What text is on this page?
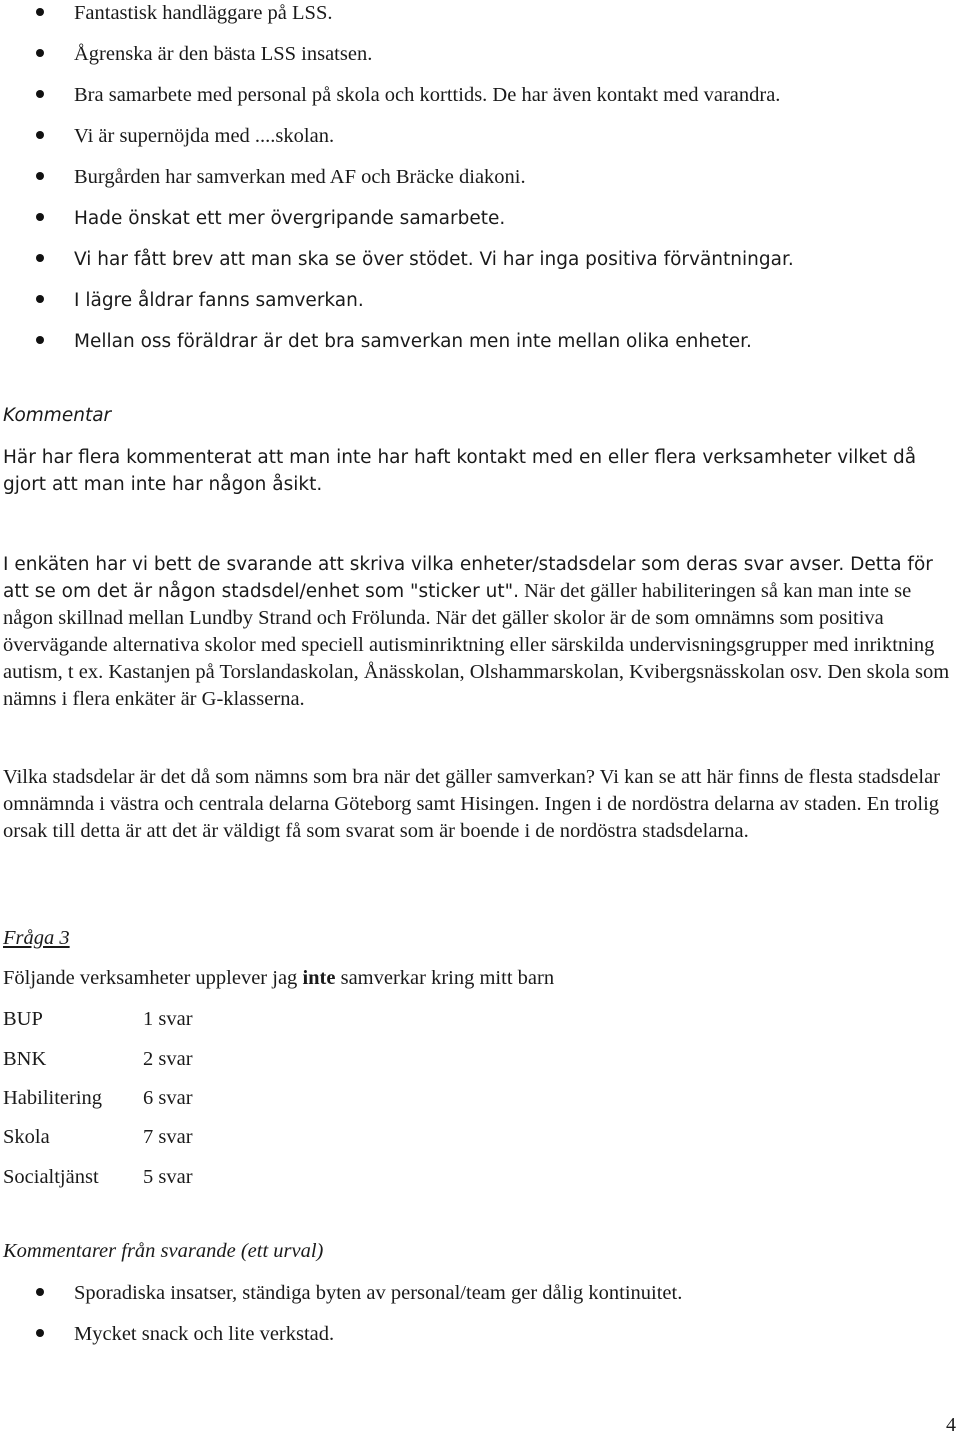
Fantastisk handläggare på LSS.
Ågrenska är den bästa LSS insatsen.
Bra samarbete med personal på skola och korttids. De har även kontakt med varandra.
Vi är supernöjda med ....skolan.
Burgården har samverkan med AF och Bräcke diakoni.
Hade önskat ett mer övergripande samarbete.
Vi har fått brev att man ska se över stödet. Vi har inga positiva förväntningar.
I lägre åldrar fanns samverkan.
Mellan oss föräldrar är det bra samverkan men inte mellan olika enheter.

Kommentar

Här har flera kommenterat att man inte har haft kontakt med en eller flera verksamheter vilket då gjort att man inte har någon åsikt.

I enkäten har vi bett de svarande att skriva vilka enheter/stadsdelar som deras svar avser. Detta för att se om det är någon stadsdel/enhet som "sticker ut". När det gäller habiliteringen så kan man inte se någon skillnad mellan Lundby Strand och Frölunda. När det gäller skolor är de som omnämns som positiva övervägande alternativa skolor med speciell autisminriktning eller särskilda undervisningsgrupper med inriktning autism, t ex. Kastanjen på Torslandaskolan, Ånässkolan, Olshammarskolan, Kvibergsnässkolan osv. Den skola som nämns i flera enkäter är G-klasserna.

Vilka stadsdelar är det då som nämns som bra när det gäller samverkan? Vi kan se att här finns de flesta stadsdelar omnämnda i västra och centrala delarna Göteborg samt Hisingen. Ingen i de nordöstra delarna av staden. En trolig orsak till detta är att det är väldigt få som svarat som är boende i de nordöstra stadsdelarna.

Fråga 3

Följande verksamheter upplever jag inte samverkar kring mitt barn

BUP	1 svar
BNK	2 svar
Habilitering	6 svar
Skola	7 svar
Socialtjänst	5 svar

Kommentarer från svarande (ett urval)

Sporadiska insatser, ständiga byten av personal/team ger dålig kontinuitet.
Mycket snack och lite verkstad.
4
